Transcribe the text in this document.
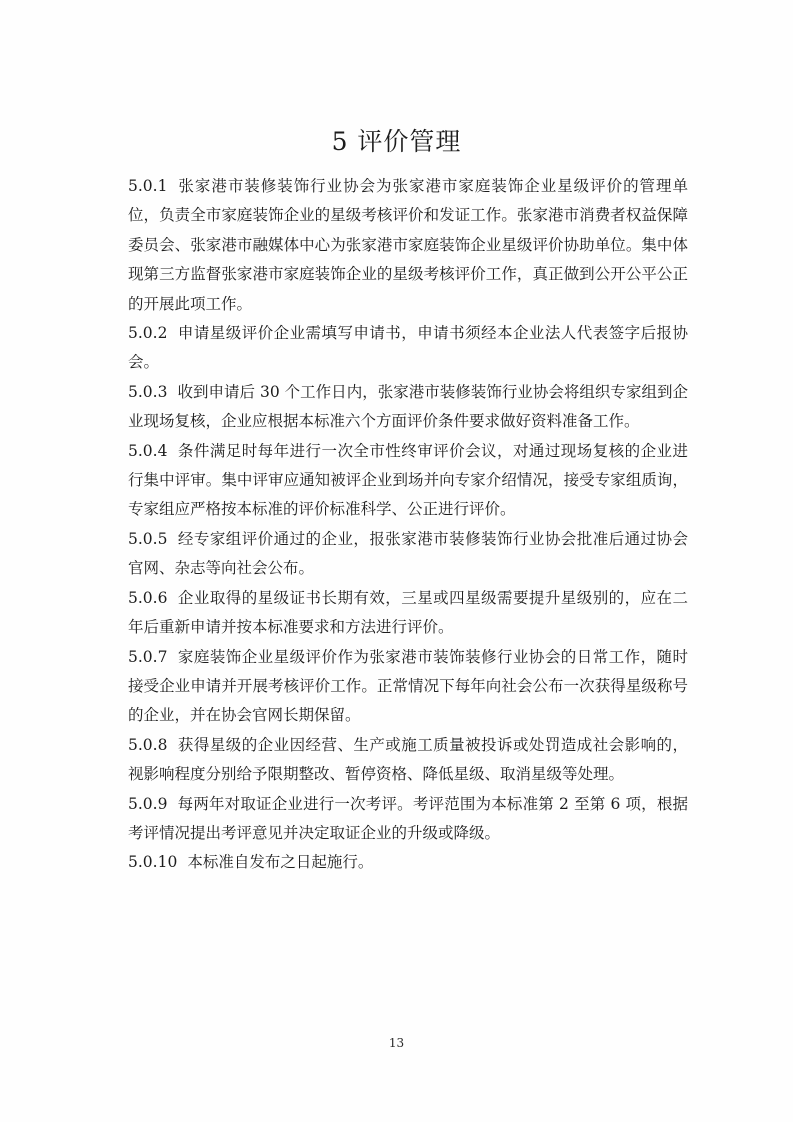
5 评价管理

5.0.1 张家港市装修装饰行业协会为张家港市家庭装饰企业星级评价的管理单位，负责全市家庭装饰企业的星级考核评价和发证工作。张家港市消费者权益保障委员会、张家港市融媒体中心为张家港市家庭装饰企业星级评价协助单位。集中体现第三方监督张家港市家庭装饰企业的星级考核评价工作，真正做到公开公平公正的开展此项工作。

5.0.2 申请星级评价企业需填写申请书，申请书须经本企业法人代表签字后报协会。

5.0.3 收到申请后 30 个工作日内，张家港市装修装饰行业协会将组织专家组到企业现场复核，企业应根据本标准六个方面评价条件要求做好资料准备工作。

5.0.4 条件满足时每年进行一次全市性终审评价会议，对通过现场复核的企业进行集中评审。集中评审应通知被评企业到场并向专家介绍情况，接受专家组质询，专家组应严格按本标准的评价标准科学、公正进行评价。

5.0.5 经专家组评价通过的企业，报张家港市装修装饰行业协会批准后通过协会官网、杂志等向社会公布。

5.0.6 企业取得的星级证书长期有效，三星或四星级需要提升星级别的，应在二年后重新申请并按本标准要求和方法进行评价。

5.0.7 家庭装饰企业星级评价作为张家港市装饰装修行业协会的日常工作，随时接受企业申请并开展考核评价工作。正常情况下每年向社会公布一次获得星级称号的企业，并在协会官网长期保留。

5.0.8 获得星级的企业因经营、生产或施工质量被投诉或处罚造成社会影响的，视影响程度分别给予限期整改、暂停资格、降低星级、取消星级等处理。

5.0.9 每两年对取证企业进行一次考评。考评范围为本标准第 2 至第 6 项，根据考评情况提出考评意见并决定取证企业的升级或降级。

5.0.10 本标准自发布之日起施行。

13
